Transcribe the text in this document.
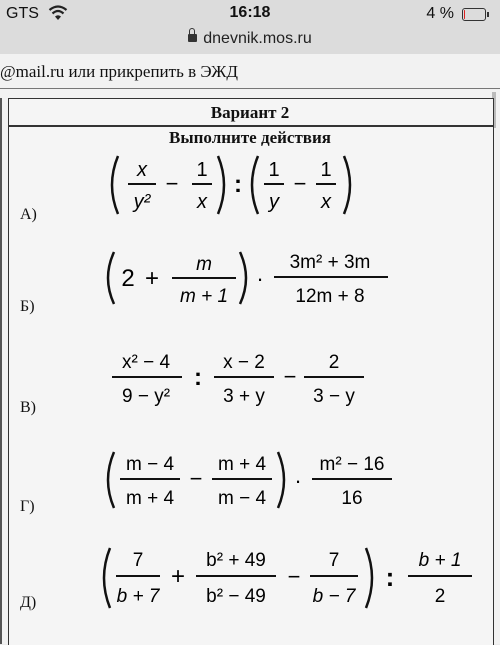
GTS	16:18	4 %
dnevnik.mos.ru
@mail.ru или прикрепить в ЭЖД
Вариант 2
Выполните действия
А)
Б)
В)
Г)
Д)
x
y²
−
1
x
:
1
y
−
1
x
2 +
m
m + 1
·
3m² + 3m
12m + 8
x² − 4
9 − y²
:
x − 2
3 + y
−
2
3 − y
m − 4
m + 4
−
m + 4
m − 4
·
m² − 16
16
7
b + 7
+
b² + 49
b² − 49
−
7
b − 7
:
b + 1
2
